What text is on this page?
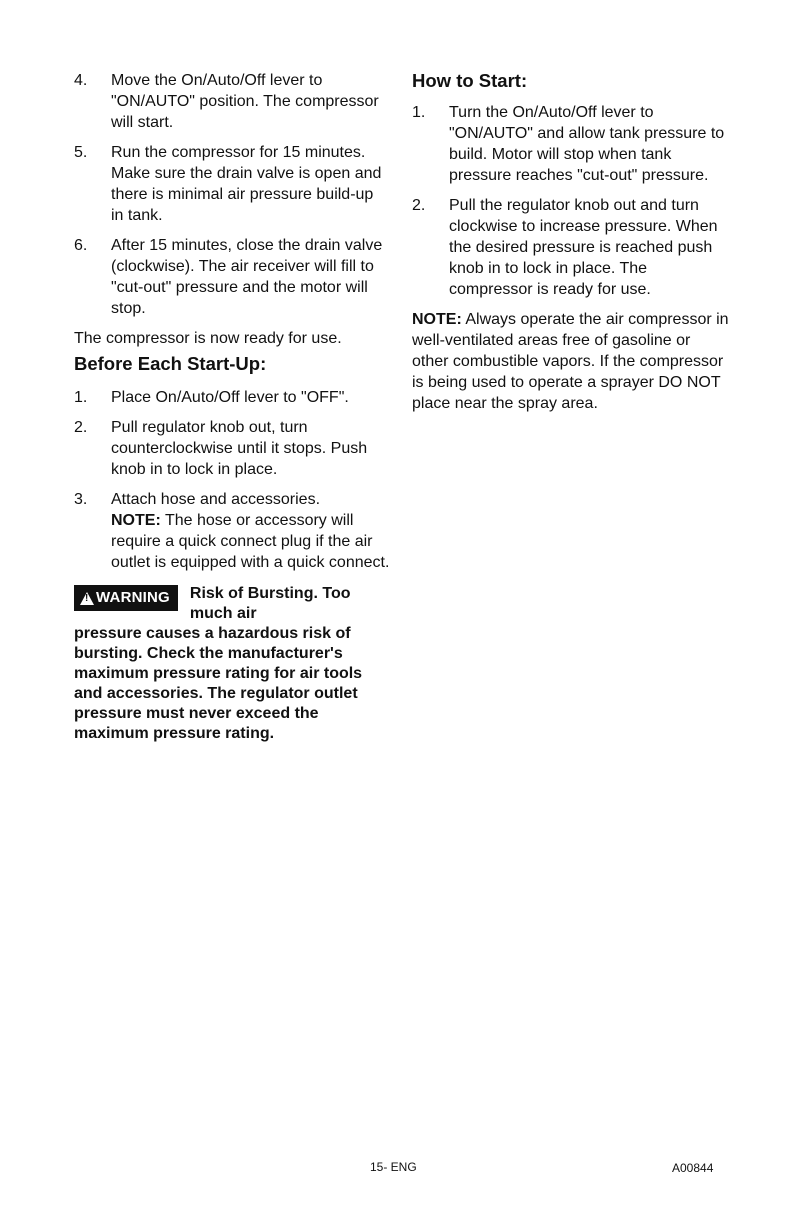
4. Move the On/Auto/Off lever to "ON/AUTO" position. The compressor will start.
5. Run the compressor for 15 minutes. Make sure the drain valve is open and there is minimal air pressure build-up in tank.
6. After 15 minutes, close the drain valve (clockwise). The air receiver will fill to "cut-out" pressure and the motor will stop.

The compressor is now ready for use.

Before Each Start-Up:
1. Place On/Auto/Off lever to "OFF".
2. Pull regulator knob out, turn counterclockwise until it stops. Push knob in to lock in place.
3. Attach hose and accessories.
NOTE: The hose or accessory will require a quick connect plug if the air outlet is equipped with a quick connect.
!
WARNING Risk of Bursting. Too much air

pressure causes a hazardous risk of bursting. Check the manufacturer's maximum pressure rating for air tools and accessories. The regulator outlet pressure must never exceed the maximum pressure rating.

How to Start:
1. Turn the On/Auto/Off lever to "ON/AUTO" and allow tank pressure to build. Motor will stop when tank pressure reaches "cut-out" pressure.
2. Pull the regulator knob out and turn clockwise to increase pressure. When the desired pressure is reached push knob in to lock in place. The compressor is ready for use.

NOTE: Always operate the air compressor in well-ventilated areas free of gasoline or other combustible vapors. If the compressor is being used to operate a sprayer DO NOT place near the spray area.

15- ENG	A00844
